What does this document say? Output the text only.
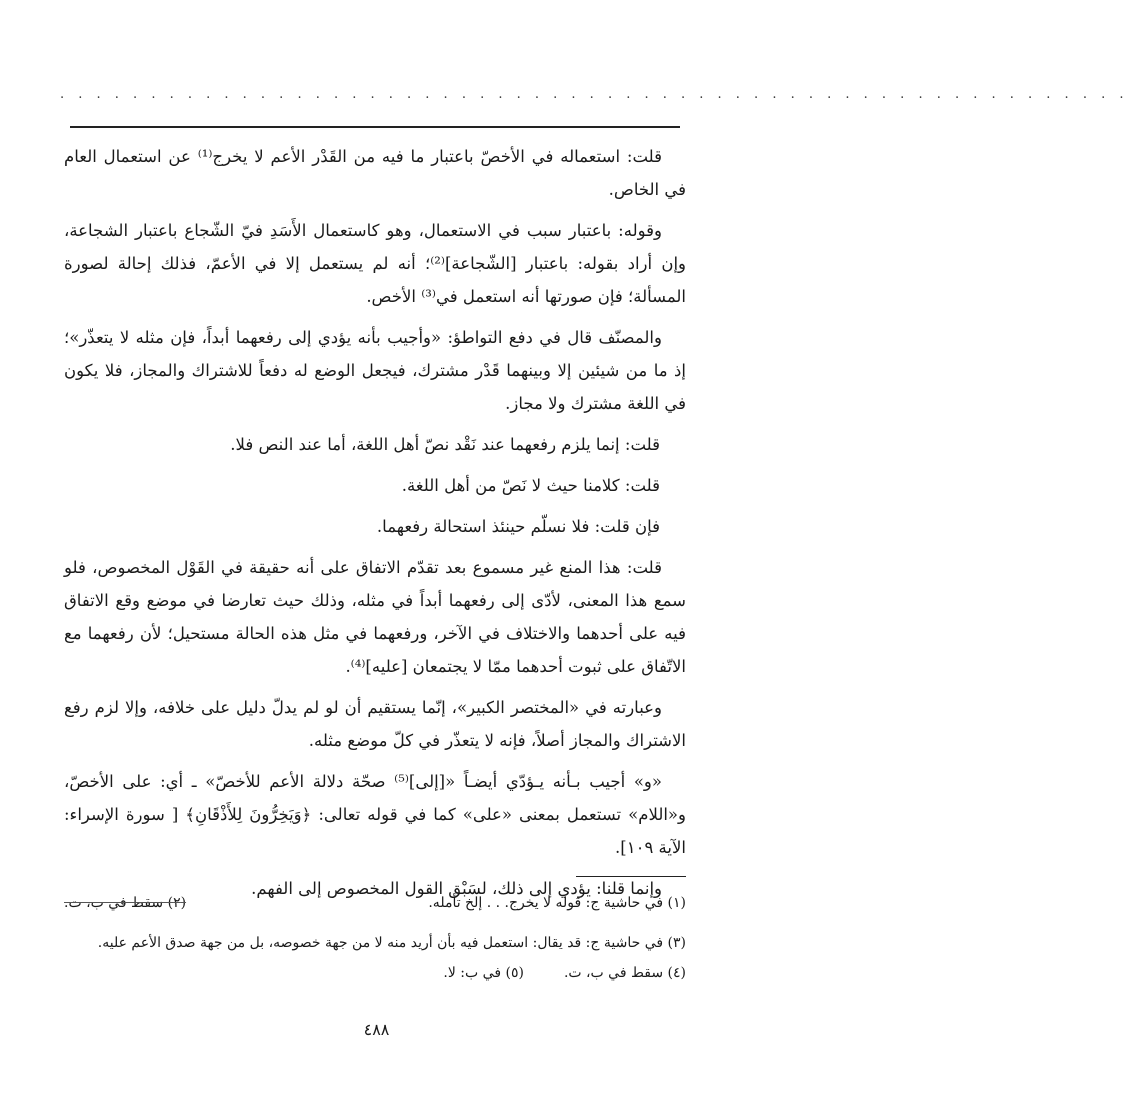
. . . . . . . . . . . . . . . . . . . . . . . . . . . . . . . . . . . . . . . . . . . . . . . . . . . . . . . . . . .

قلت: استعماله في الأخصّ باعتبار ما فيه من القَدْر الأعم لا يخرج⁽¹⁾ عن استعمال العام في الخاص.

وقوله: باعتبار سبب في الاستعمال، وهو كاستعمال الأَسَدِ فيّ الشّجاع باعتبار الشجاعة، وإن أراد بقوله: باعتبار [الشّجاعة]⁽²⁾؛ أنه لم يستعمل إلا في الأعمّ، فذلك إحالة لصورة المسألة؛ فإن صورتها أنه استعمل في⁽³⁾ الأخص.

والمصنّف قال في دفع التواطؤ: «وأجيب بأنه يؤدي إلى رفعهما أبداً، فإن مثله لا يتعذّر»؛ إذ ما من شيئين إلا وبينهما قَدْر مشترك، فيجعل الوضع له دفعاً للاشتراك والمجاز، فلا يكون في اللغة مشترك ولا مجاز.

قلت: إنما يلزم رفعهما عند نَقْد نصّ أهل اللغة، أما عند النص فلا.

قلت: كلامنا حيث لا نَصّ من أهل اللغة.

فإن قلت: فلا نسلّم حينئذ استحالة رفعهما.

قلت: هذا المنع غير مسموع بعد تقدّم الاتفاق على أنه حقيقة في القَوْل المخصوص، فلو سمع هذا المعنى، لأدّى إلى رفعهما أبداً في مثله، وذلك حيث تعارضا في موضع وقع الاتفاق فيه على أحدهما والاختلاف في الآخر، ورفعهما في مثل هذه الحالة مستحيل؛ لأن رفعهما مع الاتّفاق على ثبوت أحدهما ممّا لا يجتمعان [عليه]⁽⁴⁾.

وعبارته في «المختصر الكبير»، إنّما يستقيم أن لو لم يدلّ دليل على خلافه، وإلا لزم رفع الاشتراك والمجاز أصلاً، فإنه لا يتعذّر في كلّ موضع مثله.

«و» أجيب بـأنه يـؤدّي أيضـاً «[إلى]⁽⁵⁾ صحّة دلالة الأعم للأخصّ» ـ أي: على الأخصّ، و«اللام» تستعمل بمعنى «على» كما في قوله تعالى: ﴿وَيَخِرُّونَ لِلأَذْقَانِ﴾ [ سورة الإسراء: الآية ١٠٩].

وإنما قلنا: يؤدي إلى ذلك، لسَبْق القول المخصوص إلى الفهم.

(١) في حاشية ج: قوله لا يخرج. . . إلخ تأمله.
(٢) سقط في ب، ت.
(٣) في حاشية ج: قد يقال: استعمل فيه بأن أريد منه لا من جهة خصوصه، بل من جهة صدق الأعم عليه.
(٤) سقط في ب، ت.
(٥) في ب: لا.
٤٨٨
